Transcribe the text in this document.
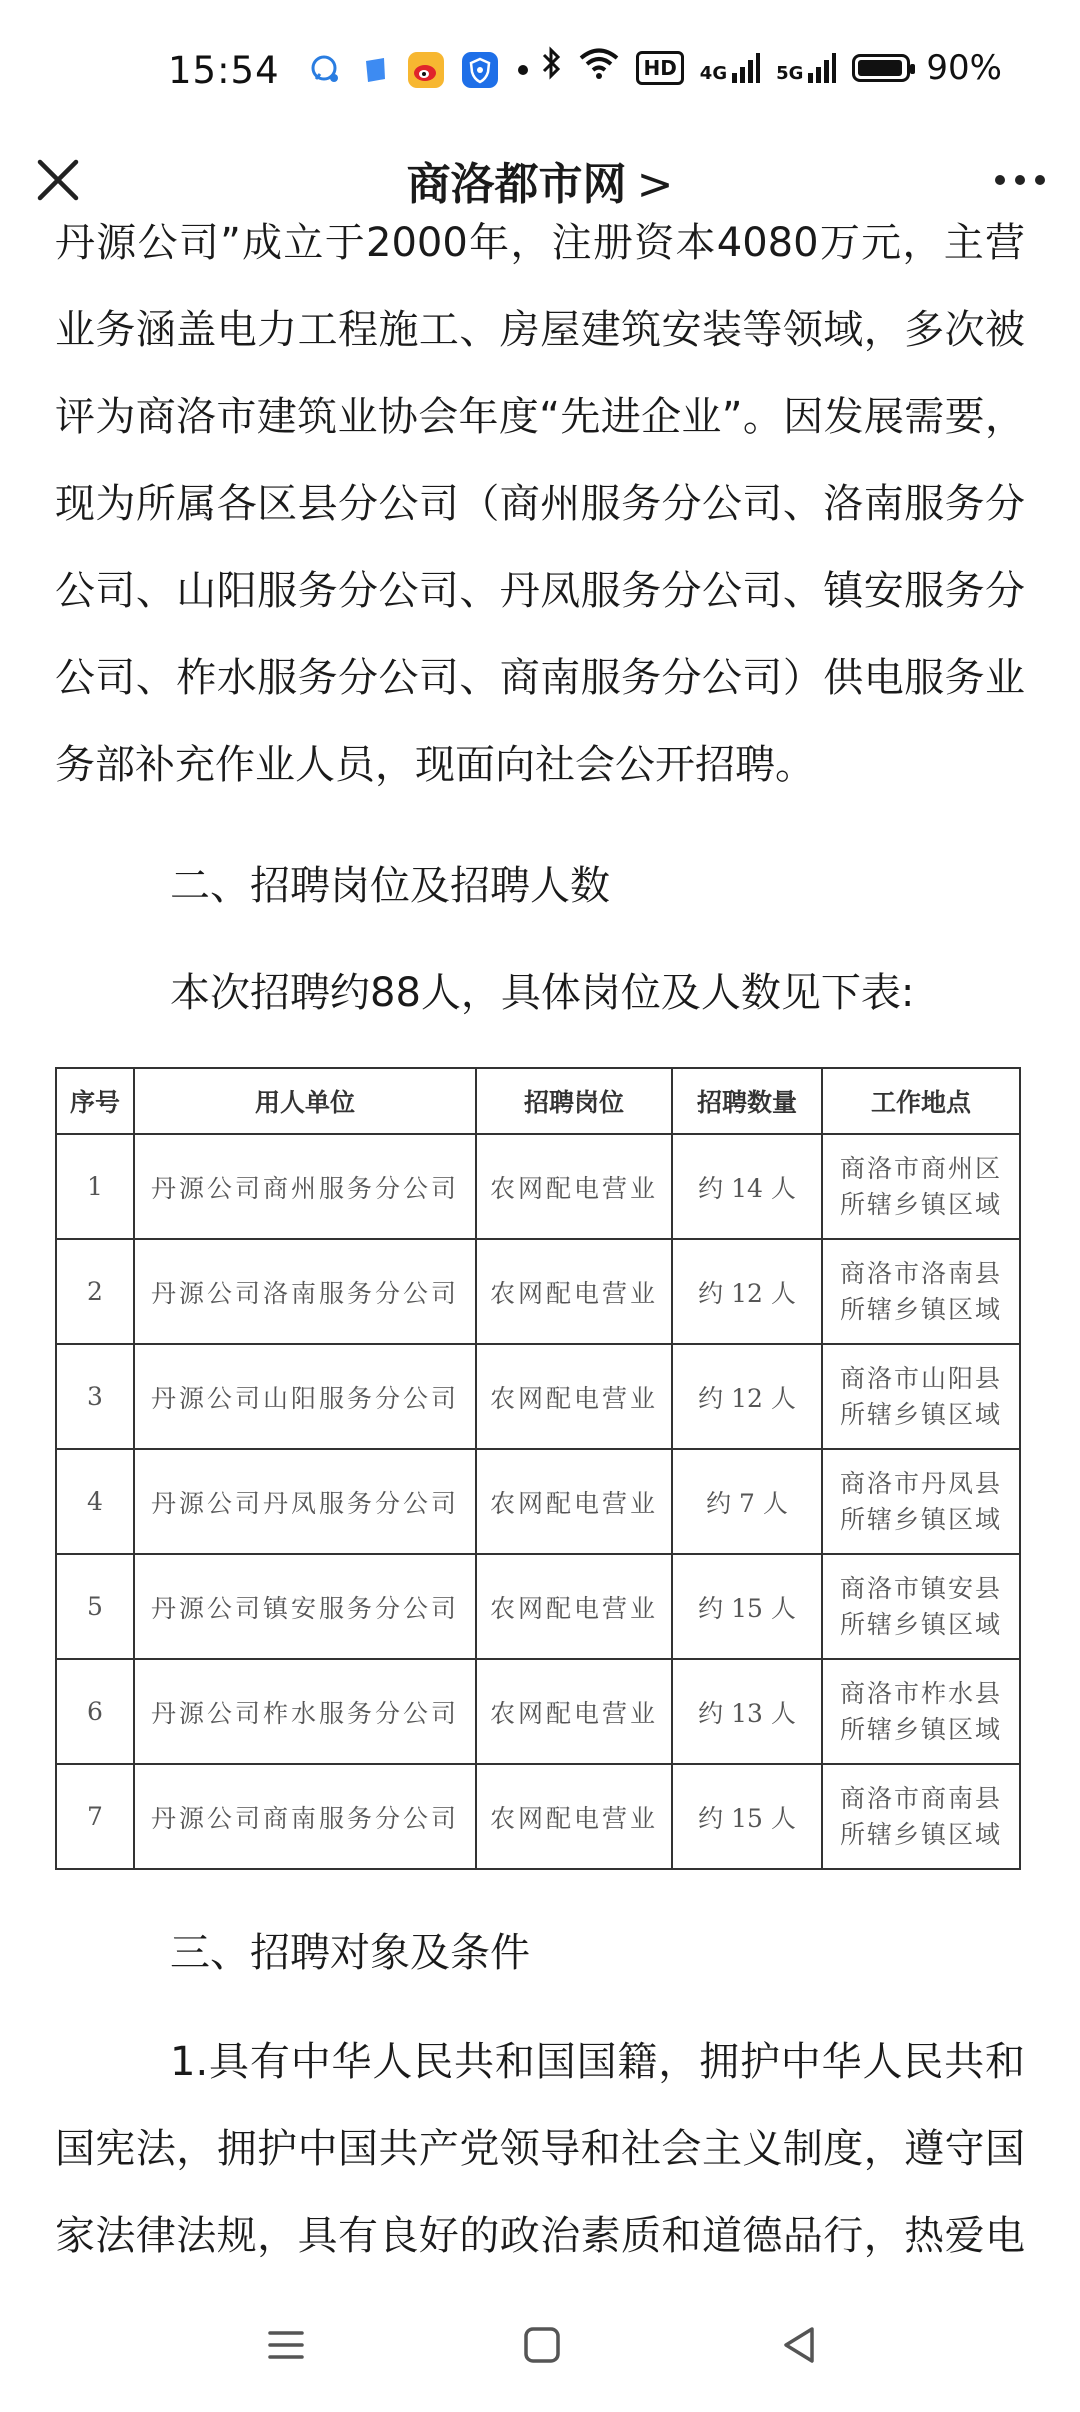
15:54	HD	4G	5G	90%
商洛都市网 >

丹源公司”成立于2000年，注册资本4080万元，主营业务涵盖电力工程施工、房屋建筑安装等领域，多次被评为商洛市建筑业协会年度“先进企业”。因发展需要，现为所属各区县分公司（商州服务分公司、洛南服务分公司、山阳服务分公司、丹凤服务分公司、镇安服务分公司、柞水服务分公司、商南服务分公司）供电服务业务部补充作业人员，现面向社会公开招聘。

二、招聘岗位及招聘人数

本次招聘约88人，具体岗位及人数见下表:

序号	用人单位	招聘岗位	招聘数量	工作地点
1	丹源公司商州服务分公司	农网配电营业	约 14 人	商洛市商州区
所辖乡镇区域
2	丹源公司洛南服务分公司	农网配电营业	约 12 人	商洛市洛南县
所辖乡镇区域
3	丹源公司山阳服务分公司	农网配电营业	约 12 人	商洛市山阳县
所辖乡镇区域
4	丹源公司丹凤服务分公司	农网配电营业	约 7 人	商洛市丹凤县
所辖乡镇区域
5	丹源公司镇安服务分公司	农网配电营业	约 15 人	商洛市镇安县
所辖乡镇区域
6	丹源公司柞水服务分公司	农网配电营业	约 13 人	商洛市柞水县
所辖乡镇区域
7	丹源公司商南服务分公司	农网配电营业	约 15 人	商洛市商南县
所辖乡镇区域

三、招聘对象及条件

1.具有中华人民共和国国籍，拥护中华人民共和国宪法，拥护中国共产党领导和社会主义制度，遵守国家法律法规，具有良好的政治素质和道德品行，热爱电
